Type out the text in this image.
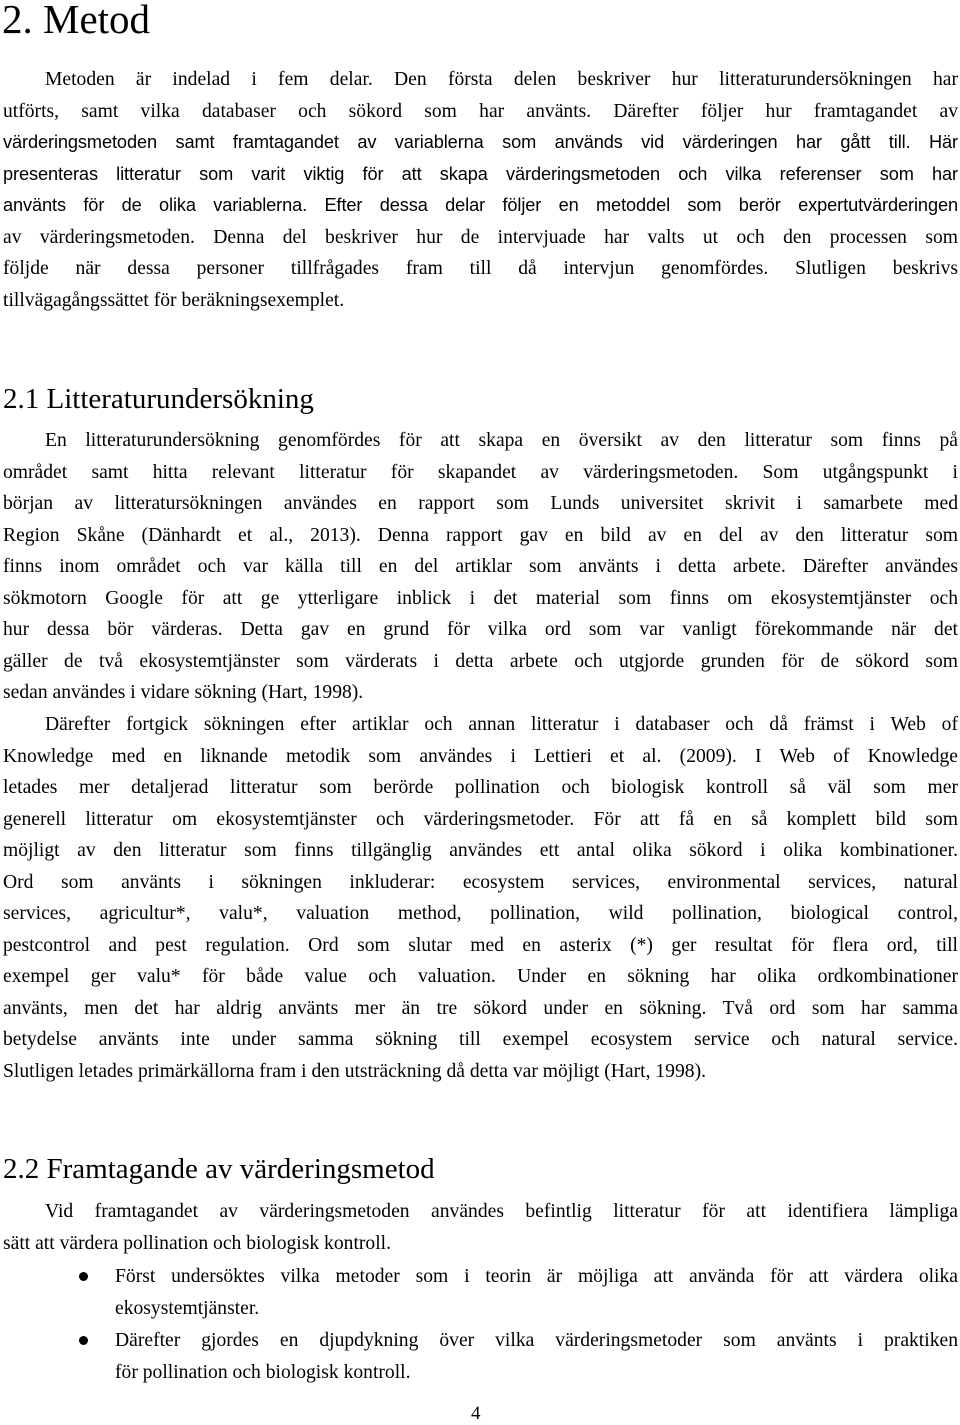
2. Metod
Metoden är indelad i fem delar. Den första delen beskriver hur litteraturundersökningen har
utförts, samt vilka databaser och sökord som har använts. Därefter följer hur framtagandet av
värderingsmetoden samt framtagandet av variablerna som används vid värderingen har gått till. Här
presenteras litteratur som varit viktig för att skapa värderingsmetoden och vilka referenser som har
använts för de olika variablerna. Efter dessa delar följer en metoddel som berör expertutvärderingen
av värderingsmetoden. Denna del beskriver hur de intervjuade har valts ut och den processen som
följde när dessa personer tillfrågades fram till då intervjun genomfördes. Slutligen beskrivs
tillvägagångssättet för beräkningsexemplet.
2.1 Litteraturundersökning
En litteraturundersökning genomfördes för att skapa en översikt av den litteratur som finns på
området samt hitta relevant litteratur för skapandet av värderingsmetoden. Som utgångspunkt i
början av litteratursökningen användes en rapport som Lunds universitet skrivit i samarbete med
Region Skåne (Dänhardt et al., 2013). Denna rapport gav en bild av en del av den litteratur som
finns inom området och var källa till en del artiklar som använts i detta arbete. Därefter användes
sökmotorn Google för att ge ytterligare inblick i det material som finns om ekosystemtjänster och
hur dessa bör värderas. Detta gav en grund för vilka ord som var vanligt förekommande när det
gäller de två ekosystemtjänster som värderats i detta arbete och utgjorde grunden för de sökord som
sedan användes i vidare sökning (Hart, 1998).
Därefter fortgick sökningen efter artiklar och annan litteratur i databaser och då främst i Web of
Knowledge med en liknande metodik som användes i Lettieri et al. (2009). I Web of Knowledge
letades mer detaljerad litteratur som berörde pollination och biologisk kontroll så väl som mer
generell litteratur om ekosystemtjänster och värderingsmetoder. För att få en så komplett bild som
möjligt av den litteratur som finns tillgänglig användes ett antal olika sökord i olika kombinationer.
Ord som använts i sökningen inkluderar: ecosystem services, environmental services, natural
services, agricultur*, valu*, valuation method, pollination, wild pollination, biological control,
pestcontrol and pest regulation. Ord som slutar med en asterix (*) ger resultat för flera ord, till
exempel ger valu* för både value och valuation. Under en sökning har olika ordkombinationer
använts, men det har aldrig använts mer än tre sökord under en sökning. Två ord som har samma
betydelse använts inte under samma sökning till exempel ecosystem service och natural service.
Slutligen letades primärkällorna fram i den utsträckning då detta var möjligt (Hart, 1998).
2.2 Framtagande av värderingsmetod
Vid framtagandet av värderingsmetoden användes befintlig litteratur för att identifiera lämpliga
sätt att värdera pollination och biologisk kontroll.
Först undersöktes vilka metoder som i teorin är möjliga att använda för att värdera olika
ekosystemtjänster.
Därefter gjordes en djupdykning över vilka värderingsmetoder som använts i praktiken
för pollination och biologisk kontroll.
4
